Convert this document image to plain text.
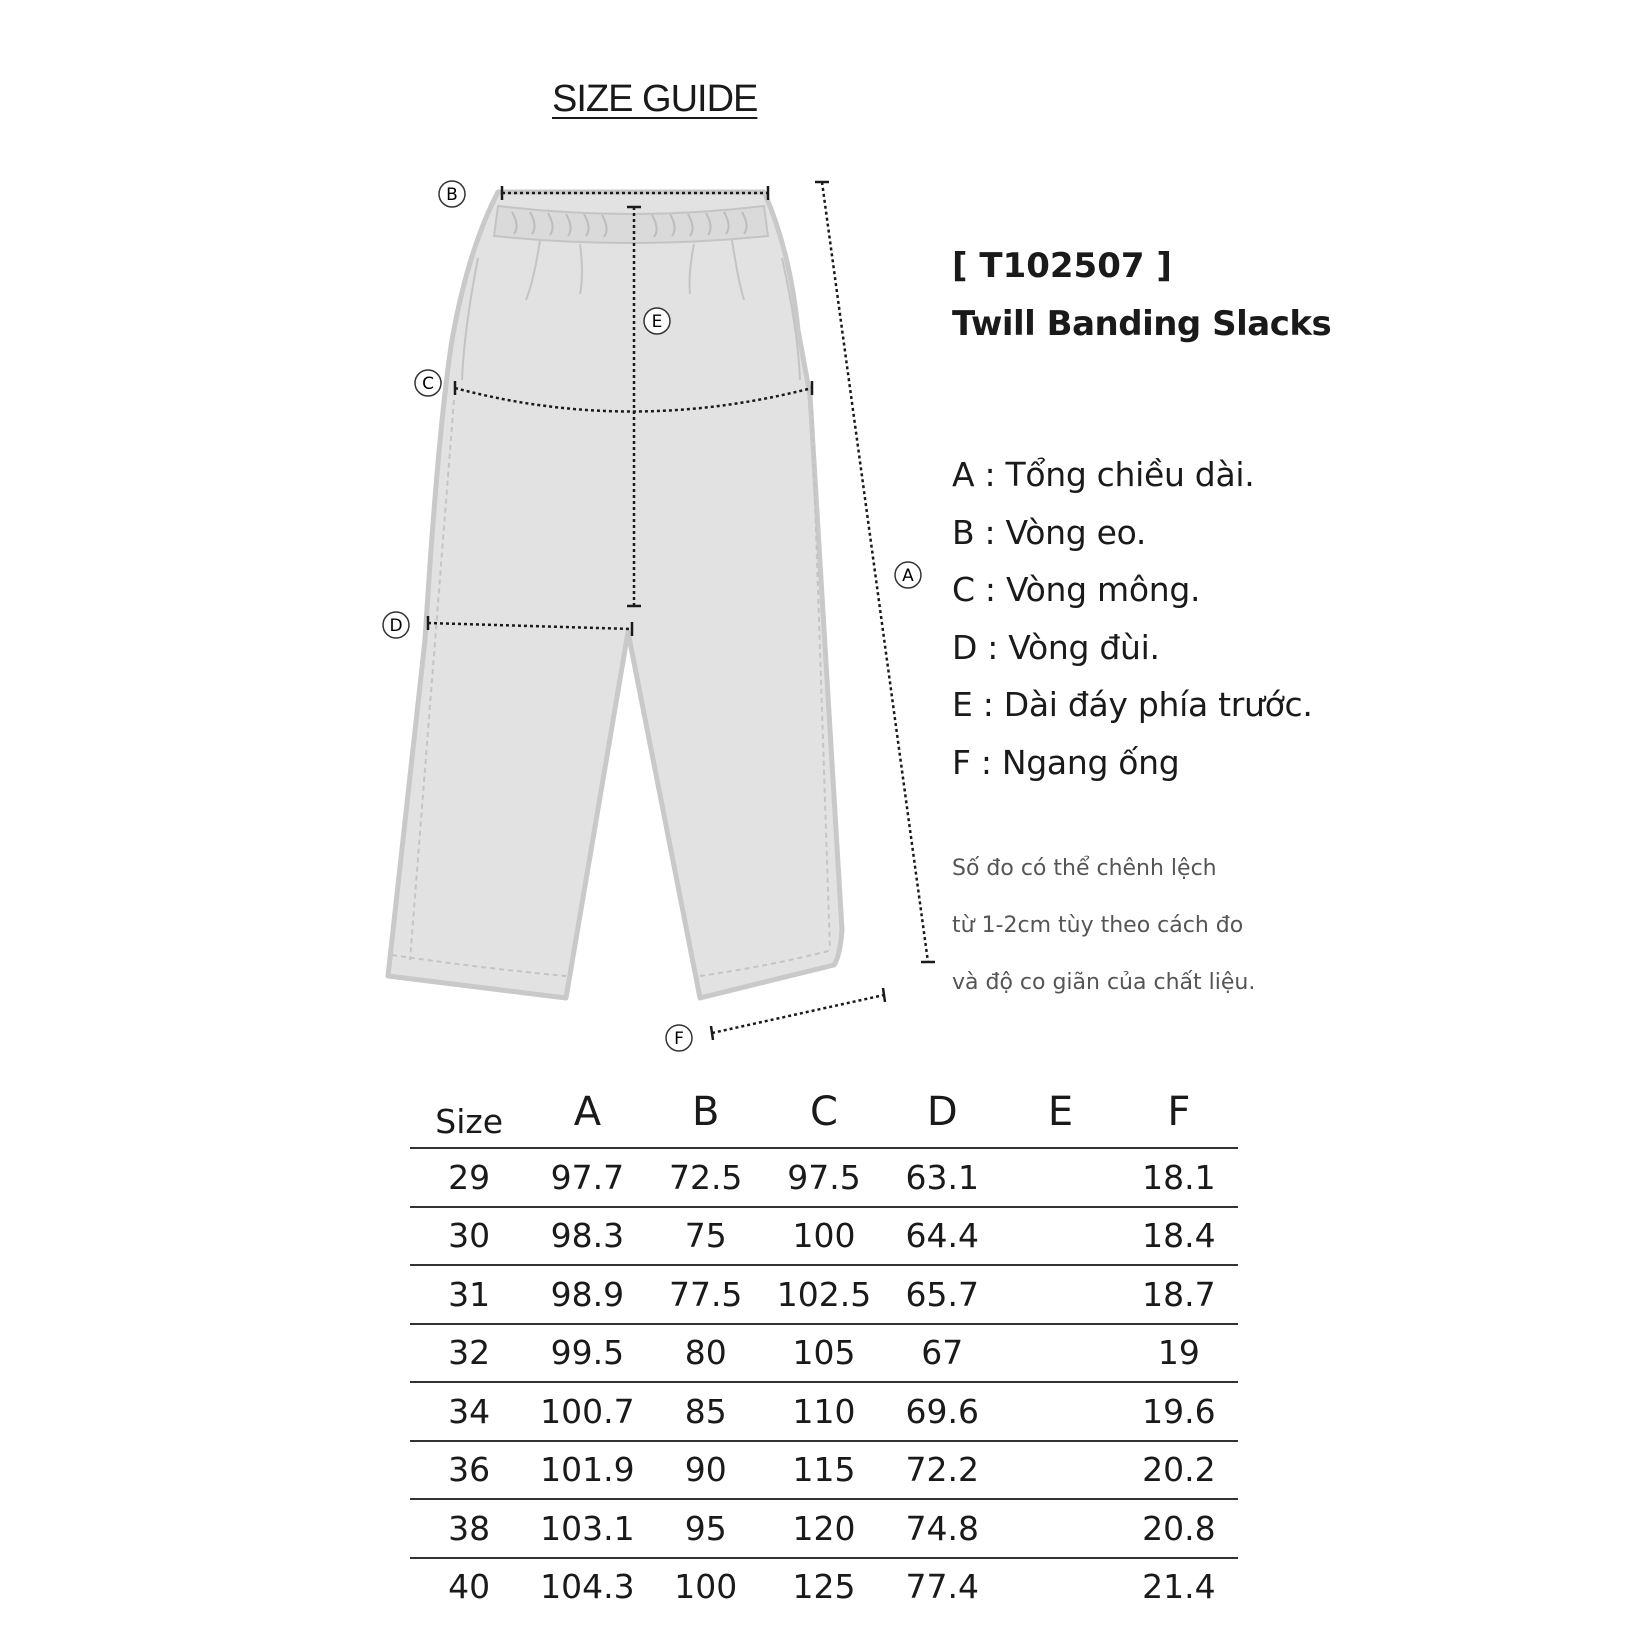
SIZE GUIDE
B
E
C
A
D
F
[ T102507 ]
Twill Banding Slacks
A : Tổng chiều dài.
B : Vòng eo.
C : Vòng mông.
D : Vòng đùi.
E : Dài đáy phía trước.
F : Ngang ống
Số đo có thể chênh lệch
từ 1-2cm tùy theo cách đo
và độ co giãn của chất liệu.
Size	A	B	C	D	E	F
29	97.7	72.5	97.5	63.1		18.1
30	98.3	75	100	64.4		18.4
31	98.9	77.5	102.5	65.7		18.7
32	99.5	80	105	67		19
34	100.7	85	110	69.6		19.6
36	101.9	90	115	72.2		20.2
38	103.1	95	120	74.8		20.8
40	104.3	100	125	77.4		21.4
